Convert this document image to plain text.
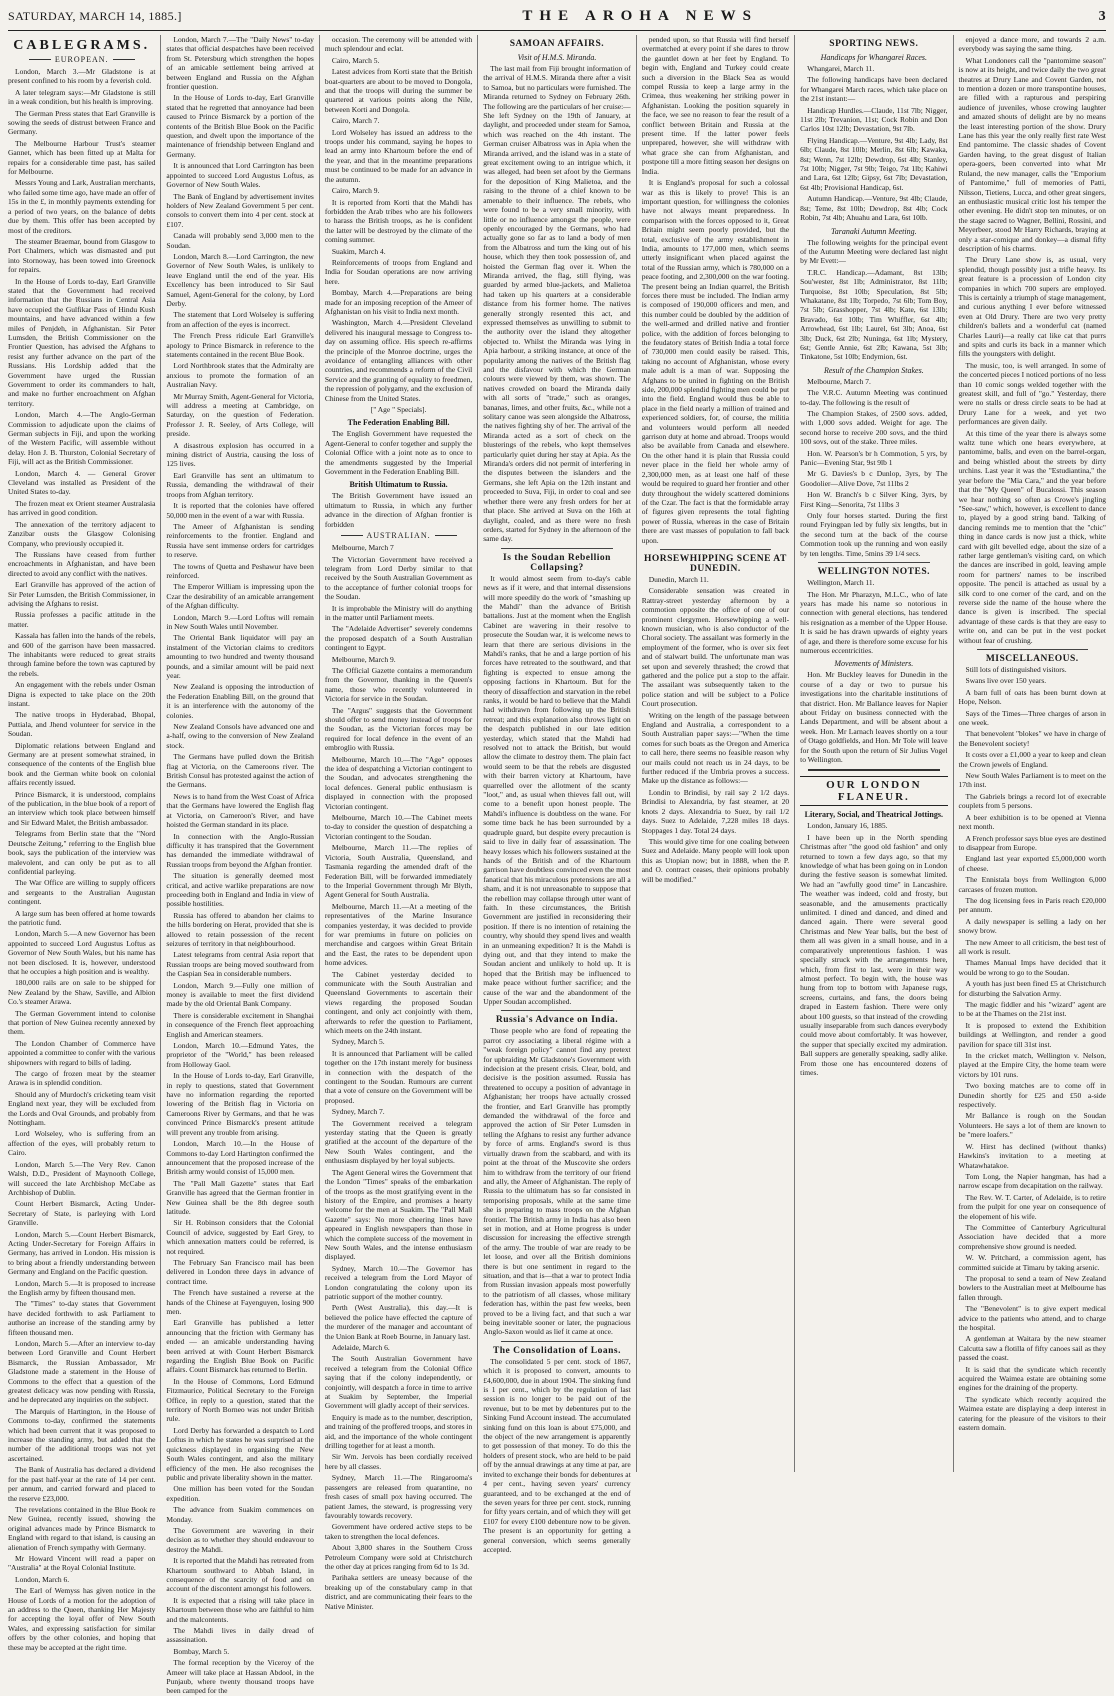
SATURDAY, MARCH 14, 1885.]	THE AROHA NEWS	3
CABLEGRAMS.
EUROPEAN.

London, March 3.—Mr Gladstone is at present confined to his room by a feverish cold.

A later telegram says:—Mr Gladstone is still in a weak condition, but his health is improving.

The German Press states that Earl Granville is sowing the seeds of distrust between France and Germany.

The Melbourne Harbour Trust's steamer Gannet, which has been fitted up at Malta for repairs for a considerable time past, has sailed for Melbourne.

Messrs Young and Lark, Australian merchants, who failed some time ago, have made an offer of 15s in the £, in monthly payments extending for a period of two years, on the balance of debts due by them. This offer has been accepted by most of the creditors.

The steamer Braemar, bound from Glasgow to Port Chalmers, which was dismasted and put into Stornoway, has been towed into Greenock for repairs.

In the House of Lords to-day, Earl Granville stated that the Government had received information that the Russians in Central Asia have occupied the Gulfikar Pass of Hindu Kush mountains, and have advanced within a few miles of Penjdeh, in Afghanistan. Sir Peter Lumsden, the British Commissioner on the Frontier Question, has advised the Afghans to resist any further advance on the part of the Russians. His Lordship added that the Government have urged the Russian Government to order its commanders to halt, and make no further encroachment on Afghan territory.

London, March 4.—The Anglo-German Commission to adjudicate upon the claims of German subjects in Fiji, and upon the working of the Western Pacific, will assemble without delay. Hon J. B. Thurston, Colonial Secretary of Fiji, will act as the British Commissioner.

London, March 4. — General Grover Cleveland was installed as President of the United States to-day.

The frozen meat ex Orient steamer Australasia has arrived in good condition.

The annexation of the territory adjacent to Zanzibar ousts the Glasgow Colonising Company, who previously occupied it.

The Russians have ceased from further encroachments in Afghanistan, and have been directed to avoid any conflict with the natives.

Earl Granville has approved of the action of Sir Peter Lumsden, the British Commissioner, in advising the Afghans to resist.

Russia professes a pacific attitude in the matter.

Kassala has fallen into the hands of the rebels, and 600 of the garrison have been massacred. The inhabitants were reduced to great straits through famine before the town was captured by the rebels.

An engagement with the rebels under Osman Digna is expected to take place on the 20th instant.

The native troops in Hyderabad, Bhopal, Puttiala, and Jhend volunteer for service in the Soudan.

Diplomatic relations between England and Germany are at present somewhat strained, in consequence of the contents of the English blue book and the German white book on colonial affairs recently issued.

Prince Bismarck, it is understood, complains of the publication, in the blue book of a report of an interview which took place between himself and Sir Edward Malet, the British ambassador.

Telegrams from Berlin state that the "Nord Deutsche Zeitung," referring to the English blue book, says the publication of the interview was malevolent, and can only be put as to all confidential parleying.

The War Office are willing to supply officers and sergeants to the Australian Augustan contingent.

A large sum has been offered at home towards the patriotic fund.

London, March 5.—A new Governor has been appointed to succeed Lord Augustus Loftus as Governor of New South Wales, but his name has not been disclosed. It is, however, understood that he occupies a high position and is wealthy.

180,000 rails are on sale to be shipped for New Zealand by the Shaw, Saville, and Albion Co.'s steamer Arawa.

The German Government intend to colonise that portion of New Guinea recently annexed by them.

The London Chamber of Commerce have appointed a committee to confer with the various shipowners with regard to bills of lading.

The cargo of frozen meat by the steamer Arawa is in splendid condition.

Should any of Murdoch's cricketing team visit England next year, they will be excluded from the Lords and Oval Grounds, and probably from Nottingham.

Lord Wolseley, who is suffering from an affection of the eyes, will probably return to Cairo.

London, March 5.—The Very Rev. Canon Walsh, D.D., President of Maynooth College, will succeed the late Archbishop McCabe as Archbishop of Dublin.

Count Herbert Bismarck, Acting Under-Secretary of State, is parleying with Lord Granville.

London, March 5.—Count Herbert Bismarck, Acting Under-Secretary for Foreign Affairs in Germany, has arrived in London. His mission is to bring about a friendly understanding between Germany and England on the Pacific question.

London, March 5.—It is proposed to increase the English army by fifteen thousand men.

The "Times" to-day states that Government have decided forthwith to ask Parliament to authorise an increase of the standing army by fifteen thousand men.

London, March 5.—After an interview to-day between Lord Granville and Count Herbert Bismarck, the Russian Ambassador, Mr Gladstone made a statement in the House of Commons to the effect that a question of the greatest delicacy was now pending with Russia, and he deprecated any inquiries on the subject.

The Marquis of Hartington, in the House of Commons to-day, confirmed the statements which had been current that it was proposed to increase the standing army, but added that the number of the additional troops was not yet ascertained.

The Bank of Australia has declared a dividend for the past half-year at the rate of 14 per cent. per annum, and carried forward and placed to the reserve £23,000.

The revelations contained in the Blue Book re New Guinea, recently issued, showing the original advances made by Prince Bismarck to England with regard to that island, is causing an alienation of French sympathy with Germany.

Mr Howard Vincent will read a paper on "Australia" at the Royal Colonial Institute.

London, March 6.

The Earl of Wemyss has given notice in the House of Lords of a motion for the adoption of an address to the Queen, thanking Her Majesty for accepting the loyal offer of New South Wales, and expressing satisfaction for similar offers by the other colonies, and hoping that these may be accepted at the right time.

London, March 7.—The "Daily News" to-day states that official despatches have been received from St. Petersburg which strengthen the hopes of an amicable settlement being arrived at between England and Russia on the Afghan frontier question.

In the House of Lords to-day, Earl Granville stated that he regretted that annoyance had been caused to Prince Bismarck by a portion of the contents of the British Blue Book on the Pacific question, and dwelt upon the importance of the maintenance of friendship between England and Germany.

It is announced that Lord Carrington has been appointed to succeed Lord Augustus Loftus, as Governor of New South Wales.

The Bank of England by advertisement invites holders of New Zealand Government 5 per cent. consols to convert them into 4 per cent. stock at £107.

Canada will probably send 3,000 men to the Soudan.

London, March 8.—Lord Carrington, the new Governor of New South Wales, is unlikely to leave England until the end of the year. His Excellency has been introduced to Sir Saul Samuel, Agent-General for the colony, by Lord Derby.

The statement that Lord Wolseley is suffering from an affection of the eyes is incorrect.

The French Press ridicule Earl Granville's apology to Prince Bismarck in reference to the statements contained in the recent Blue Book.

Lord Northbrook states that the Admiralty are anxious to promote the formation of an Australian Navy.

Mr Murray Smith, Agent-General for Victoria, will address a meeting at Cambridge, on Saturday, on the question of Federation. Professor J. R. Seeley, of Arts College, will preside.

A disastrous explosion has occurred in a mining district of Austria, causing the loss of 125 lives.

Earl Granville has sent an ultimatum to Russia, demanding the withdrawal of their troops from Afghan territory.

It is reported that the colonies have offered 50,000 men in the event of a war with Russia.

The Ameer of Afghanistan is sending reinforcements to the frontier. England and Russia have sent immense orders for cartridges to reserve.

The towns of Quetta and Peshawur have been reinforced.

The Emperor William is impressing upon the Czar the desirability of an amicable arrangement of the Afghan difficulty.

London, March 9.—Lord Loftus will remain in New South Wales until November.

The Oriental Bank liquidator will pay an instalment of the Victorian claims to creditors amounting to two hundred and twenty thousand pounds, and a similar amount will be paid next year.

New Zealand is opposing the introduction of the Federation Enabling Bill, on the ground that it is an interference with the autonomy of the colonies.

New Zealand Consols have advanced one and a-half, owing to the conversion of New Zealand stock.

The Germans have pulled down the British flag at Victoria, on the Cameroons river. The British Consul has protested against the action of the Germans.

News is to hand from the West Coast of Africa that the Germans have lowered the English flag at Victoria, on Cameroon's River, and have hoisted the German standard in its place.

In connection with the Anglo-Russian difficulty it has transpired that the Government has demanded the immediate withdrawal of Russian troops from beyond the Afghan frontier.

The situation is generally deemed most critical, and active warlike preparations are now proceeding both in England and India in view of possible hostilities.

Russia has offered to abandon her claims to the hills bordering on Herat, provided that she is allowed to retain possession of the recent seizures of territory in that neighbourhood.

Latest telegrams from central Asia report that Russian troops are being moved southward from the Caspian Sea in considerable numbers.

London, March 9.—Fully one million of money is available to meet the first dividend made by the old Oriental Bank Company.

There is considerable excitement in Shanghai in consequence of the French fleet approaching English and American steamers.

London, March 10.—Edmund Yates, the proprietor of the "World," has been released from Holloway Gaol.

In the House of Lords to-day, Earl Granville, in reply to questions, stated that Government have no information regarding the reported lowering of the British flag in Victoria on Cameroons River by Germans, and that he was convinced Prince Bismarck's present attitude will prevent any trouble from arising.

London, March 10.—In the House of Commons to-day Lord Hartington confirmed the announcement that the proposed increase of the British army would consist of 15,000 men.

The "Pall Mall Gazette" states that Earl Granville has agreed that the German frontier in New Guinea shall be the 8th degree south latitude.

Sir H. Robinson considers that the Colonial Council of advice, suggested by Earl Grey, to which annexation matters could be referred, is not required.

The February San Francisco mail has been delivered in London three days in advance of contract time.

The French have sustained a reverse at the hands of the Chinese at Fayenguyen, losing 900 men.

Earl Granville has published a letter announcing that the friction with Germany has ended — an amicable understanding having been arrived at with Count Herbert Bismarck regarding the English Blue Book on Pacific affairs. Count Bismarck has returned to Berlin.

In the House of Commons, Lord Edmund Fitzmaurice, Political Secretary to the Foreign Office, in reply to a question, stated that the territory of North Borneo was not under British rule.

Lord Derby has forwarded a despatch to Lord Loftus in which he states he was surprised at the quickness displayed in organising the New South Wales contingent, and also the military efficiency of the men. He also recognises the public and private liberality shown in the matter.

One million has been voted for the Soudan expedition.

The advance from Suakim commences on Monday.

The Government are wavering in their decision as to whether they should endeavour to destroy the Mahdi.

It is reported that the Mahdi has retreated from Khartoum southward to Abbah Island, in consequence of the scarcity of food and on account of the discontent amongst his followers.

It is expected that a rising will take place in Khartoum between those who are faithful to him and the malcontents.

The Mahdi lives in daily dread of assassination.

Bombay, March 5.

The formal reception by the Viceroy of the Ameer will take place at Hassan Abdool, in the Punjaub, where twenty thousand troops have been camped for the

occasion. The ceremony will be attended with much splendour and eclat.

Cairo, March 5.

Latest advices from Korti state that the British boat-quarters are about to be moved to Dongola, and that the troops will during the summer be quartered at various points along the Nile, between Korti and Dongola.

Cairo, March 7.

Lord Wolseley has issued an address to the troops under his command, saying he hopes to lead an army into Khartoum before the end of the year, and that in the meantime preparations must be continued to be made for an advance in the autumn.

Cairo, March 9.

It is reported from Korti that the Mahdi has forbidden the Arab tribes who are his followers to harass the British troops, as he is confident the latter will be destroyed by the climate of the coming summer.

Suakim, March 4.

Reinforcements of troops from England and India for Soudan operations are now arriving here.

Bombay, March 4.—Preparations are being made for an imposing reception of the Ameer of Afghanistan on his visit to India next month.

Washington, March 4.—President Cleveland delivered his inaugural message to Congress to-day on assuming office. His speech re-affirms the principle of the Monroe doctrine, urges the avoidance of entangling alliances with other countries, and recommends a reform of the Civil Service and the granting of equality to freedmen, the repression of polygamy, and the exclusion of Chinese from the United States.

[" Age " Specials].

The Federation Enabling Bill.

The English Government have requested the Agent-General to confer together and supply the Colonial Office with a joint note as to once to the amendments suggested by the Imperial Government in the Federation Enabling Bill.

British Ultimatum to Russia.

The British Government have issued an ultimatum to Russia, in which any further advance in the direction of Afghan frontier is forbidden

AUSTRALIAN.

Melbourne, March 7

The Victorian Government have received a telegram from Lord Derby similar to that received by the South Australian Government as to the acceptance of further colonial troops for the Soudan.

It is improbable the Ministry will do anything in the matter until Parliament meets.

The "Adelaide Advertiser" severely condemns the proposed despatch of a South Australian contingent to Egypt.

Melbourne, March 9.

The Official Gazette contains a memorandum from the Governor, thanking in the Queen's name, those who recently volunteered in Victoria for service in the Soudan.

The "Argus" suggests that the Government should offer to send money instead of troops for the Soudan, as the Victorian forces may be required for local defence in the event of an embroglio with Russia.

Melbourne, March 10.—The "Age" opposes the idea of despatching a Victorian contingent to the Soudan, and advocates strengthening the local defences. General public enthusiasm is displayed in connection with the proposed Victorian contingent.

Melbourne, March 10.—The Cabinet meets to-day to consider the question of despatching a Victorian contingent to the Soudan.

Melbourne, March 11.—The replies of Victoria, South Australia, Queensland, and Tasmania regarding the amended draft of the Federation Bill, will be forwarded immediately to the Imperial Government through Mr Blyth, Agent General for South Australia.

Melbourne, March 11.—At a meeting of the representatives of the Marine Insurance companies yesterday, it was decided to provide for war premiums in future on policies on merchandise and cargoes within Great Britain and the East, the rates to be dependent upon home advices.

The Cabinet yesterday decided to communicate with the South Australian and Queensland Governments to ascertain their views regarding the proposed Soudan contingent, and only act conjointly with them, afterwards to refer the question to Parliament, which meets on the 24th instant.

Sydney, March 5.

It is announced that Parliament will be called together on the 17th instant merely for business in connection with the despatch of the contingent to the Soudan. Rumours are current that a vote of censure on the Government will be proposed.

Sydney, March 7.

The Government received a telegram yesterday stating that the Queen is greatly gratified at the account of the departure of the New South Wales contingent, and the enthusiasm displayed by her loyal subjects.

The Agent General wires the Government that the London "Times" speaks of the embarkation of the troops as the most gratifying event in the history of the Empire, and promises a hearty welcome for the men at Suakim. The "Pall Mall Gazette" says: No more cheering lines have appeared in English newspapers than those in which the complete success of the movement in New South Wales, and the intense enthusiasm displayed.

Sydney, March 10.—The Governor has received a telegram from the Lord Mayor of London congratulating the colony upon its patriotic support of the mother country.

Perth (West Australia), this day.—It is believed the police have effected the capture of the murderer of the manager and accountant of the Union Bank at Roeb Bourne, in January last.

Adelaide, March 6.

The South Australian Government have received a telegram from the Colonial Office saying that if the colony independently, or conjointly, will despatch a force in time to arrive at Suakim by September, the Imperial Government will gladly accept of their services.

Enquiry is made as to the number, description, and training of the proffered troops, and stores in aid, and the importance of the whole contingent drilling together for at least a month.

Sir Wm. Jervois has been cordially received here by all classes.

Sydney, March 11.—The Ringarooma's passengers are released from quarantine, no fresh cases of small pox having occurred. The patient James, the steward, is progressing very favourably towards recovery.

Government have ordered active steps to be taken to strengthen the local defences.

About 3,800 shares in the Southern Cross Petroleum Company were sold at Christchurch the other day at prices ranging from 6d to 1s 3d.

Parihaka settlers are uneasy because of the breaking up of the constabulary camp in that district, and are communicating their fears to the Native Minister.

SAMOAN AFFAIRS.
Visit of H.M.S. Miranda.

The last mail from Fiji brought information of the arrival of H.M.S. Miranda there after a visit to Samoa, but no particulars were furnished. The Miranda returned to Sydney on February 26th. The following are the particulars of her cruise:—She left Sydney on the 19th of January, at daylight, and proceeded under steam for Samoa, which was reached on the 4th instant. The German cruiser Albatross was in Apia when the Miranda arrived, and the island was in a state of great excitement owing to an intrigue which, it was alleged, had been set afoot by the Germans for the deposition of King Malietoa, and the raising to the throne of a chief known to be amenable to their influence. The rebels, who were found to be a very small minority, with little or no influence amongst the people, were openly encouraged by the Germans, who had actually gone so far as to land a body of men from the Albatross and turn the king out of his house, which they then took possession of, and hoisted the German flag over it. When the Miranda arrived, the flag, still flying, was guarded by armed blue-jackets, and Malietoa had taken up his quarters at a considerable distance from his former home. The natives generally strongly resented this act, and expressed themselves as unwilling to submit to the authority over the island they altogether objected to. Whilst the Miranda was lying in Apia harbour, a striking instance, at once of the popularity among the natives of the British flag and the disfavour with which the German colours were viewed by them, was shown. The natives crowded on board the Miranda daily with all sorts of "trade," such as oranges, bananas, limes, and other fruits, &c., while not a solitary canoe was seen alongside the Albatross, the natives fighting shy of her. The arrival of the Miranda acted as a sort of check on the blusterings of the rebels, who kept themselves particularly quiet during her stay at Apia. As the Miranda's orders did not permit of interfering in the disputes between the islanders and the Germans, she left Apia on the 12th instant and proceeded to Suva, Fiji, in order to coal and see whether there were any fresh orders for her at that place. She arrived at Suva on the 16th at daylight, coaled, and as there were no fresh orders, started for Sydney in the afternoon of the same day.

Is the Soudan Rebellion Collapsing?

It would almost seem from to-day's cable news as if it were, and that internal dissensions will more speedily do the work of "smashing up the Mahdi" than the advance of British battalions. Just at the moment when the English Cabinet are wavering in their resolve to prosecute the Soudan war, it is welcome news to learn that there are serious divisions in the Mahdi's ranks, that he and a large portion of his forces have retreated to the southward, and that fighting is expected to ensue among the opposing factions in Khartoum. But for the theory of dissaffection and starvation in the rebel ranks, it would be hard to believe that the Mahdi had withdrawn from following up the British retreat; and this explanation also throws light on the despatch published in our late edition yesterday, which stated that the Mahdi had resolved not to attack the British, but would allow the climate to destroy them. The plain fact would seem to be that the rebels are disgusted with their barren victory at Khartoum, have quarrelled over the allotment of the scanty "loot," and, as usual when thieves fall out, will come to a benefit upon honest people. The Mahdi's influence is doubtless on the wane. For some time back he has been surrounded by a quadruple guard, but despite every precaution is said to live in daily fear of assassination. The heavy losses which his followers sustained at the hands of the British and of the Khartoum garrison have doubtless convinced even the most fanatical that his miraculous pretensions are all a sham, and it is not unreasonable to suppose that the rebellion may collapse through utter want of faith. In these circumstances, the British Government are justified in reconsidering their position. If there is no intention of retaining the country, why should they spend lives and wealth in an unmeaning expedition? It is the Mahdi is dying out, and that they intend to make the Soudan ancient and unlikely to hold up. It is hoped that the British may be influenced to make peace without further sacrifice; and the cause of the war and the abandonment of the Upper Soudan accomplished.

Russia's Advance on India.

Those people who are fond of repeating the parrot cry associating a liberal régime with a "weak foreign policy" cannot find any pretext for upbraiding Mr Gladstone's Government with indecision at the present crisis. Clear, bold, and decisive is the position assumed. Russia has threatened to occupy a position of advantage in Afghanistan; her troops have actually crossed the frontier, and Earl Granville has promptly demanded the withdrawal of the force and approved the action of Sir Peter Lumsden in telling the Afghans to resist any further advance by force of arms. England's sword is thus virtually drawn from the scabbard, and with its point at the throat of the Muscovite she orders him to withdraw from the territory of our friend and ally, the Ameer of Afghanistan. The reply of Russia to the ultimatum has so far consisted in temporising proposals, while at the same time she is preparing to mass troops on the Afghan frontier. The British army in India has also been set in motion, and at Home progress is under discussion for increasing the effective strength of the army. The trouble of war are ready to be let loose, and over all the British dominions there is but one sentiment in regard to the situation, and that is—that a war to protect India from Russian invasion appeals most powerfully to the patriotism of all classes, whose military federation has, within the past few weeks, been proved to be a living fact, and that such a war being inevitable sooner or later, the pugnacious Anglo-Saxon would as lief it came at once.

The Consolidation of Loans.

The consolidated 5 per cent. stock of 1867, which it is proposed to convert, amounts to £4,600,000, due in about 1904. The sinking fund is 1 per cent., which by the regulation of last session is no longer to be paid out of the revenue, but to be met by debentures put to the Sinking Fund Account instead. The accumulated sinking fund on this loan is about £75,000, and the object of the new arrangement is apparently to get possession of that money. To do this the holders of present stock, who are held to be paid off by the annual drawings at any time at par, are invited to exchange their bonds for debentures at 4 per cent., having seven years' currency guaranteed, and to be exchanged at the end of the seven years for three per cent. stock, running for fifty years certain, and of which they will get £107 for every £100 debenture now to be given. The present is an opportunity for getting a general conversion, which seems generally accepted.

pended upon, so that Russia will find herself overmatched at every point if she dares to throw the gauntlet down at her feet by England. To begin with, England and Turkey could create such a diversion in the Black Sea as would compel Russia to keep a large army in the Crimea, thus weakening her striking power in Afghanistan. Looking the position squarely in the face, we see no reason to fear the result of a conflict between Britain and Russia at the present time. If the latter power feels unprepared, however, she will withdraw with what grace she can from Afghanistan, and postpone till a more fitting season her designs on India.

It is England's proposal for such a colossal war as this is likely to prove! This is an important question, for willingness the colonies have not always meant preparedness. In comparison with the forces opposed to it, Great Britain might seem poorly provided, but the total, exclusive of the army establishment in India, amounts to 177,000 men, which seems utterly insignificant when placed against the total of the Russian army, which is 780,000 on a peace footing, and 2,300,000 on the war footing. The present being an Indian quarrel, the British forces there must be included. The Indian army is composed of 190,000 officers and men, and this number could be doubled by the addition of the well-armed and drilled native and frontier police, with the addition of forces belonging to the feudatory states of British India a total force of 730,000 men could easily be raised. This, taking no account of Afghanistan, whose every male adult is a man of war. Supposing the Afghans to be united in fighting on the British side, 200,000 splendid fighting men could be put into the field. England would thus be able to place in the field nearly a million of trained and experienced soldiers, for, of course, the militia and volunteers would perform all needed garrison duty at home and abroad. Troops would also be available from Canada and elsewhere. On the other hand it is plain that Russia could never place in the field her whole army of 2,300,000 men, as at least one half of these would be required to guard her frontier and other duty throughout the widely scattered dominions of the Czar. The fact is that the formidable array of figures given represents the total fighting power of Russia, whereas in the case of Britain there are vast masses of population to fall back upon.

HORSEWHIPPING SCENE AT DUNEDIN.

Dunedin, March 11.

Considerable sensation was created in Rattray-street yesterday afternoon by a commotion opposite the office of one of our prominent clergymen. Horsewhipping a well-known musician, who is also conductor of the Choral society. The assailant was formerly in the employment of the former, who is over six feet and of stalwart build. The unfortunate man was set upon and severely thrashed; the crowd that gathered and the police put a stop to the affair. The assailant was subsequently taken to the police station and will be subject to a Police Court prosecution.

Writing on the length of the passage between England and Australia, a correspondent to a South Australian paper says:—"When the time comes for such boats as the Oregon and America to call here, there seems no feasible reason why our mails could not reach us in 24 days, to be further reduced if the Umbria proves a success. Make up the distance as follows:—

Londin to Brindisi, by rail say 2 1/2 days. Brindisi to Alexandria, by fast steamer, at 20 knots 2 days. Alexandria to Suez, by rail 1/2 days. Suez to Adelaide, 7,228 miles 18 days. Stoppages 1 day. Total 24 days.

This would give time for one coaling between Suez and Adelaide. Many people will look upon this as Utopian now; but in 1888, when the P. and O. contract ceases, their opinions probably will be modified."

SPORTING NEWS.
Handicaps for Whangarei Races.

Whangarei, March 11.

The following handicaps have been declared for Whangarei March races, which take place on the 21st instant:—

Handicap Hurdles.—Claude, 11st 7lb; Nigger, 11st 2lb; Trevanion, 11st; Cock Robin and Don Carlos 10st 12lb; Devastation, 9st 7lb.

Flying Handicap.—Venture, 9st 4lb; Lady, 8st 6lb; Claude, 8st 10lb; Merlin, 8st 6lb; Kawaka, 8st; Wenn, 7st 12lb; Dewdrop, 6st 4lb; Stanley, 7st 10lb; Nigger, 7st 9lb; Teigo, 7st 1lb; Kahiwi and Lara, 6st 12lb; Gipsy, 6st 7lb; Devastation, 6st 4lb; Provisional Handicap, 6st.

Autumn Handicap.—Venture, 9st 4lb; Claude, 8st; Teme, 8st 10lb; Dewdrop, 8st 4lb; Cock Robin, 7st 4lb; Ahuahu and Lara, 6st 10lb.

Taranaki Autumn Meeting.

The following weights for the principal event of the Autumn Meeting were declared last night by Mr Evett:—

T.R.C. Handicap.—Adamant, 8st 13lb; Sou'wester, 8st 1lb; Administrator, 8st 11lb; Turquoise, 8st 10lb; Speculation, 8st 5lb; Whakatane, 8st 1lb; Torpedo, 7st 6lb; Tom Boy, 7st 5lb; Grasshopper, 7st 4lb; Kate, 6st 13lb; Bravado, 6st 10lb; Tim Whiffler, 6st 4lb; Arrowhead, 6st 1lb; Laurel, 6st 3lb; Anoa, 6st 3lb; Duck, 6st 2lb; Nuninga, 6st 1lb; Mystery, 6st; Gentle Annie, 6st 2lb; Kawana, 5st 3lb; Tinkatone, 5st 10lb; Endymion, 6st.

Result of the Champion Stakes.

Melbourne, March 7.

The V.R.C. Autumn Meeting was continued to-day. The following is the result of

The Champion Stakes, of 2500 sovs. added, with 1,000 sovs added. Weight for age. The second horse to receive 200 sovs, and the third 100 sovs, out of the stake. Three miles.

Hon. W. Pearson's br h Commotion, 5 yrs, by Panic—Evening Star, 9st 9lb 1

Mr G. Davies's b c Dunlop, 3yrs, by The Goodolier—Alive Dove, 7st 11lbs 2

Hon W. Branch's b c Silver King, 3yrs, by First King—Senorita, 7st 11lbs 3

Only four horses started. During the first round Fryingpan led by fully six lengths, but in the second turn at the back of the course Commotion took up the running and won easily by ten lengths. Time, 5mins 39 1/4 secs.

WELLINGTON NOTES.

Wellington, March 11.

The Hon. Mr Pharazyn, M.L.C., who of late years has made his name so notorious in connection with general elections, has tendered his resignation as a member of the Upper House. It is said he has drawn upwards of eighty years of age, and there is therefore some excuse for his numerous eccentricities.

Movements of Ministers.

Hon. Mr Buckley leaves for Dunedin in the course of a day or two to pursue his investigations into the charitable institutions of that district. Hon. Mr Ballance leaves for Napier about Friday on business connected with the Lands Department, and will be absent about a week. Hon. Mr Larnach leaves shortly on a tour of Otago goldfields, and Hon. Mr Tole will leave for the South upon the return of Sir Julius Vogel to Wellington.

OUR LONDON FLANEUR.
Literary, Social, and Theatrical Jottings.

London, January 16, 1885.

I have been up in the North spending Christmas after "the good old fashion" and only returned to town a few days ago, so that my knowledge of what has been going on in London during the festive season is somewhat limited. We had an "awfully good time" in Lancashire. The weather was indeed, cold and frosty, but seasonable, and the amusements practically unlimited. I dined and danced, and dined and danced again. There were several good Christmas and New Year balls, but the best of them all was given in a small house, and in a comparatively unpretentious fashion. I was specially struck with the arrangements here, which, from first to last, were in their way almost perfect. To begin with, the house was hung from top to bottom with Japanese rugs, screens, curtains, and fans, the doors being draped in Eastern fashion. There were only about 100 guests, so that instead of the crowding usually inseparable from such dances everybody could move about comfortably. It was however, the supper that specially excited my admiration. Ball suppers are generally speaking, sadly alike. From those one has encountered dozens of times.

enjoyed a dance more, and towards 2 a.m. everybody was saying the same thing.

What Londoners call the "pantomime season" is now at its height, and twice daily the two great theatres at Drury Lane and Covent Garden, not to mention a dozen or more transpontine houses, are filled with a rapturous and perspiring audience of juveniles, whose crowing laughter and amazed shouts of delight are by no means the least interesting portion of the show. Drury Lane has this year the only really first rate West End pantomime. The classic shades of Covent Garden having, to the great disgust of Italian opera-goers, been converted into what Mr Ruland, the new manager, calls the "Emporium of Pantomime," full of memories of Patti, Nilsson, Tietiens, Lucca, and other great singers, an enthusiastic musical critic lost his temper the other evening. He didn't stop ten minutes, or on the stage sacred to Wagner, Bellini, Rossini, and Meyerbeer, stood Mr Harry Richards, braying at only a star-comique and donkey—a dismal fifty description of his charms.

The Drury Lane show is, as usual, very splendid, though possibly just a trifle heavy. Its great feature is a procession of London city companies in which 700 supers are employed. This is certainly a triumph of stage management, and curious anything I ever before witnessed even at Old Drury. There are two very pretty children's ballets and a wonderful cat (named Charles Lauri)—a really cat like cat that purrs and spits and curls its back in a manner which fills the youngsters with delight.

The music, too, is well arranged. In some of the concerted pieces I noticed portions of no less than 10 comic songs welded together with the greatest skill, and full of "go." Yesterday, there were no stalls or dress circle seats to be had at Drury Lane for a week, and yet two performances are given daily.

At this time of the year there is always some waltz tune which one hears everywhere, at pantomime, balls, and even on the barrel-organ, and being whistled about the streets by dirty urchins. Last year it was the "Estudiantina," the year before the "Mia Cara," and the year before that the "My Queen" of Bucalossi. This season we hear nothing so often as Crowe's jingling "See-saw," which, however, is excellent to dance to, played by a good string band. Talking of dancing reminds me to mention that the "chic" thing in dance cards is now just a thick, white card with gilt bevelled edge, about the size of a rather large gentleman's visiting card, on which the dances are inscribed in gold, leaving ample room for partners' names to be inscribed opposite. The pencil is attached as usual by a silk cord to one corner of the card, and on the reverse side the name of the house where the dance is given is inscribed. The special advantage of these cards is that they are easy to write on, and can be put in the vest pocket without fear of crushing.

MISCELLANEOUS.

Still lots of distinguished visitors.

Swans live over 150 years.

A barn full of oats has been burnt down at Hope, Nelson.

Says of the Times—Three charges of arson in one week.

That benevolent "blokes" we have in charge of the Benevolent society!

It costs over a £1,000 a year to keep and clean the Crown jewels of England.

New South Wales Parliament is to meet on the 17th inst.

The Gabriels brings a record lot of execrable couplets from 5 persons.

A beer exhibition is to be opened at Vienna next month.

A French professor says blue eyes are destined to disappear from Europe.

England last year exported £5,000,000 worth of cheese.

The Ennistala boys from Wellington 6,000 carcases of frozen mutton.

The dog licensing fees in Paris reach £20,000 per annum.

A daily newspaper is selling a lady on her snowy brow.

The new Ameer to all criticism, the best test of all work is result.

Thames Manual Imps have decided that it would be wrong to go to the Soudan.

A youth has just been fined £5 at Christchurch for disturbing the Salvation Army.

The magic fiddler and his "wizard" agent are to be at the Thames on the 21st inst.

It is proposed to extend the Exhibition buildings at Wellington, and render a good pavilion for space till 31st inst.

In the cricket match, Wellington v. Nelson, played at the Empire City, the home team were victors by 101 runs.

Two boxing matches are to come off in Dunedin shortly for £25 and £50 a-side respectively.

Mr Ballance is rough on the Soudan Volunteers. He says a lot of them are known to be "mere loafers."

W. Hirst has declined (without thanks) Hawkins's invitation to a meeting at Whatawhatakoe.

Tom Long, the Napier hangman, has had a narrow escape from decapitation on the railway.

The Rev. W. T. Carter, of Adelaide, is to retire from the pulpit for one year on consequence of the elopement of his wife.

The Committee of Canterbury Agricultural Association have decided that a more comprehensive show ground is needed.

W. W. Pritchard, a commission agent, has committed suicide at Timaru by taking arsenic.

The proposal to send a team of New Zealand bowlers to the Australian meet at Melbourne has fallen through.

The "Benevolent" is to give expert medical advice to the patients who attend, and to charge the hospital.

A gentleman at Waitara by the new steamer Calcutta saw a flotilla of fifty canoes sail as they passed the coast.

It is said that the syndicate which recently acquired the Waimea estate are obtaining some engines for the draining of the property.

The syndicate which recently acquired the Waimea estate are displaying a deep interest in catering for the pleasure of the visitors to their eastern domain.
